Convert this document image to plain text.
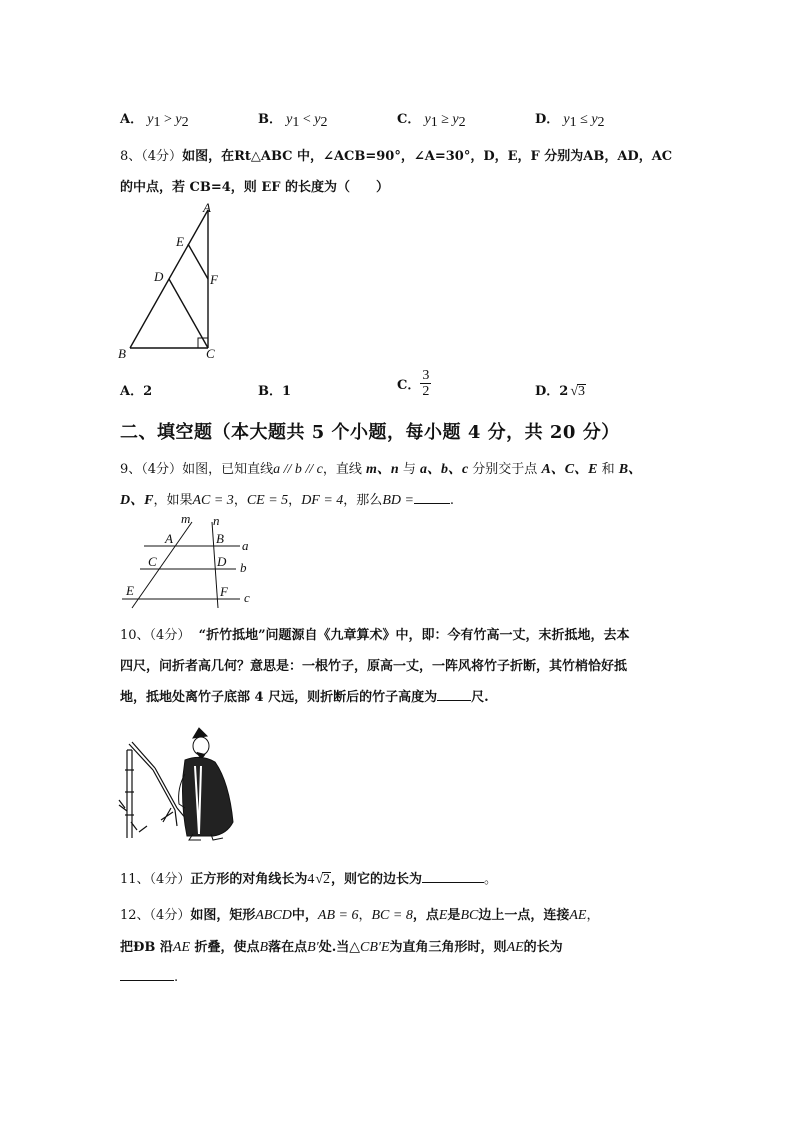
A． $y_1 > y_2$	B． $y_1 < y_2$	C． $y_1 \ge y_2$	D． $y_1 \le y_2$
8、（4分）如图，在Rt△ABC 中，∠ACB=90°，∠A=30°，D，E，F 分别为AB，AD，AC
的中点，若 CB=4，则 EF 的长度为（　　）
A
E
D	F
B	C
A．2	B．1	C． $\frac{3}{2}$	D．2 √3
二、填空题（本大题共 5 个小题，每小题 4 分，共 20 分）
9、（4分）如图，已知直线a // b // c，直线 m、n 与 a、b、c 分别交于点 A、C、E 和 B、
D、F，如果AC = 3，CE = 5，DF = 4，那么BD =	.
m n
A	B
C	D
E	F
a
b
c
10、（4分） “折竹抵地”问题源自《九章算术》中，即：今有竹高一丈，末折抵地，去本
四尺，问折者高几何？意思是：一根竹子，原高一丈，一阵风将竹子折断，其竹梢恰好抵
地，抵地处离竹子底部 4 尺远，则折断后的竹子高度为	尺.
11、（4分）正方形的对角线长为4√2，则它的边长为	。
12、（4分）如图，矩形ABCD中，AB = 6，BC = 8，点E是BC边上一点，连接AE，
把ÐB 沿AE 折叠，使点B落在点B′处.当△CB′E为直角三角形时，则AE的长为
.
